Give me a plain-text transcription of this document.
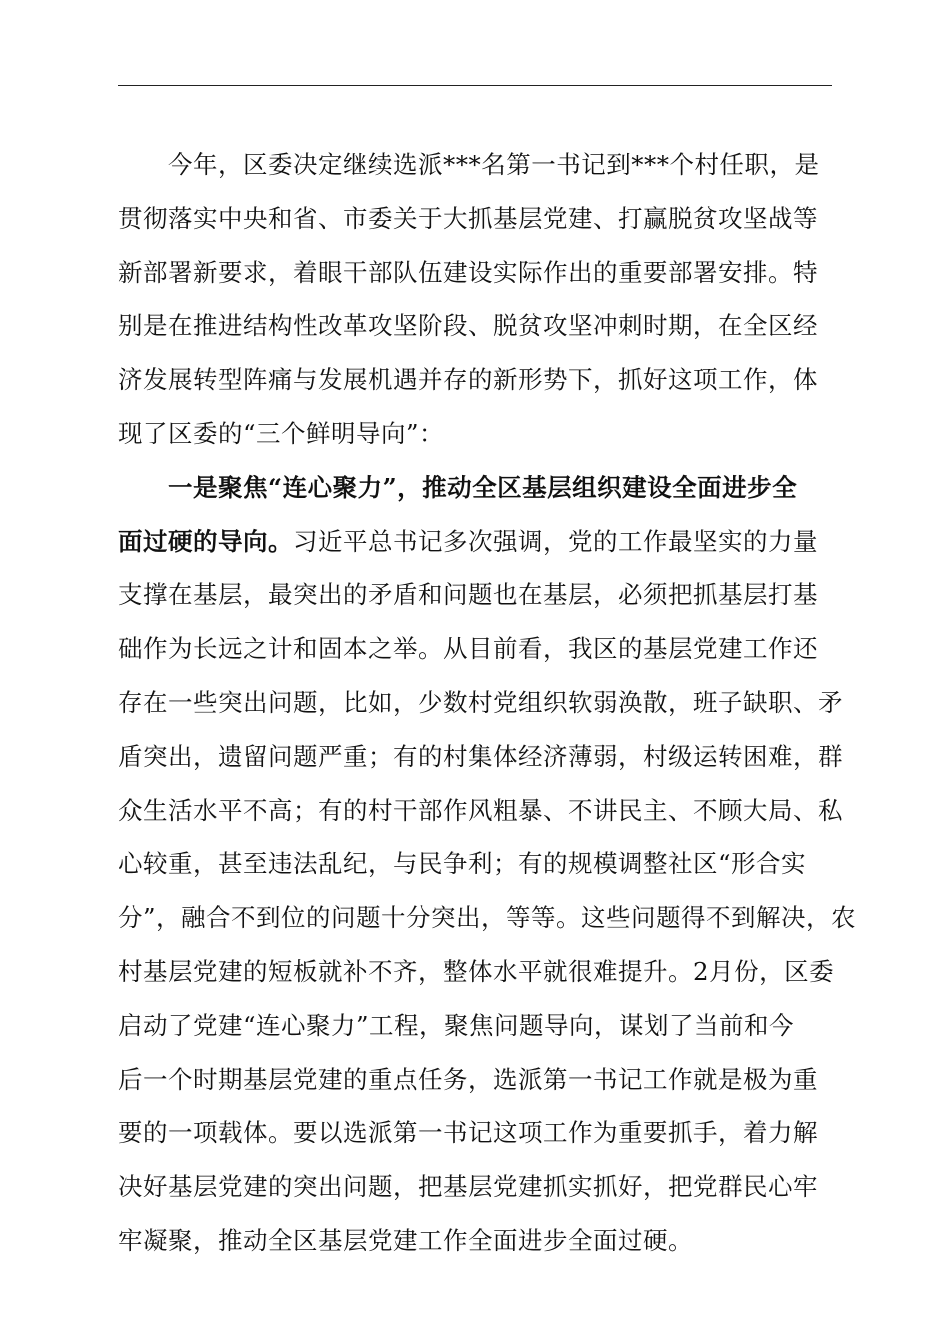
今年，区委决定继续选派***名第一书记到***个村任职，是
贯彻落实中央和省、市委关于大抓基层党建、打赢脱贫攻坚战等
新部署新要求，着眼干部队伍建设实际作出的重要部署安排。特
别是在推进结构性改革攻坚阶段、脱贫攻坚冲刺时期，在全区经
济发展转型阵痛与发展机遇并存的新形势下，抓好这项工作，体
现了区委的“三个鲜明导向”：
一是聚焦“连心聚力”，推动全区基层组织建设全面进步全
面过硬的导向。习近平总书记多次强调，党的工作最坚实的力量
支撑在基层，最突出的矛盾和问题也在基层，必须把抓基层打基
础作为长远之计和固本之举。从目前看，我区的基层党建工作还
存在一些突出问题，比如，少数村党组织软弱涣散，班子缺职、矛
盾突出，遗留问题严重；有的村集体经济薄弱，村级运转困难，群
众生活水平不高；有的村干部作风粗暴、不讲民主、不顾大局、私
心较重，甚至违法乱纪，与民争利；有的规模调整社区“形合实
分”，融合不到位的问题十分突出，等等。这些问题得不到解决，农
村基层党建的短板就补不齐，整体水平就很难提升。2月份，区委
启动了党建“连心聚力”工程，聚焦问题导向，谋划了当前和今
后一个时期基层党建的重点任务，选派第一书记工作就是极为重
要的一项载体。要以选派第一书记这项工作为重要抓手，着力解
决好基层党建的突出问题，把基层党建抓实抓好，把党群民心牢
牢凝聚，推动全区基层党建工作全面进步全面过硬。
